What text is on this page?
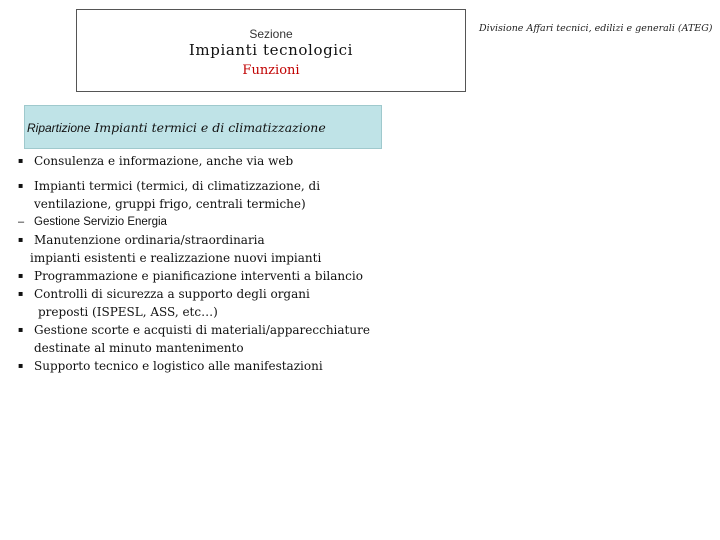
Sezione
Impianti tecnologici
Funzioni
Divisione Affari tecnici, edilizi e generali (ATEG)
Ripartizione Impianti termici e di climatizzazione
▪ Consulenza e informazione, anche via web
▪ Impianti termici (termici, di climatizzazione, di
ventilazione, gruppi frigo, centrali termiche)
– Gestione Servizio Energia
▪ Manutenzione ordinaria/straordinaria
impianti esistenti e realizzazione nuovi impianti
▪ Programmazione e pianificazione interventi a bilancio
▪ Controlli di sicurezza a supporto degli organi
preposti (ISPESL, ASS, etc…)
▪ Gestione scorte e acquisti di materiali/apparecchiature
destinate al minuto mantenimento
▪ Supporto tecnico e logistico alle manifestazioni
